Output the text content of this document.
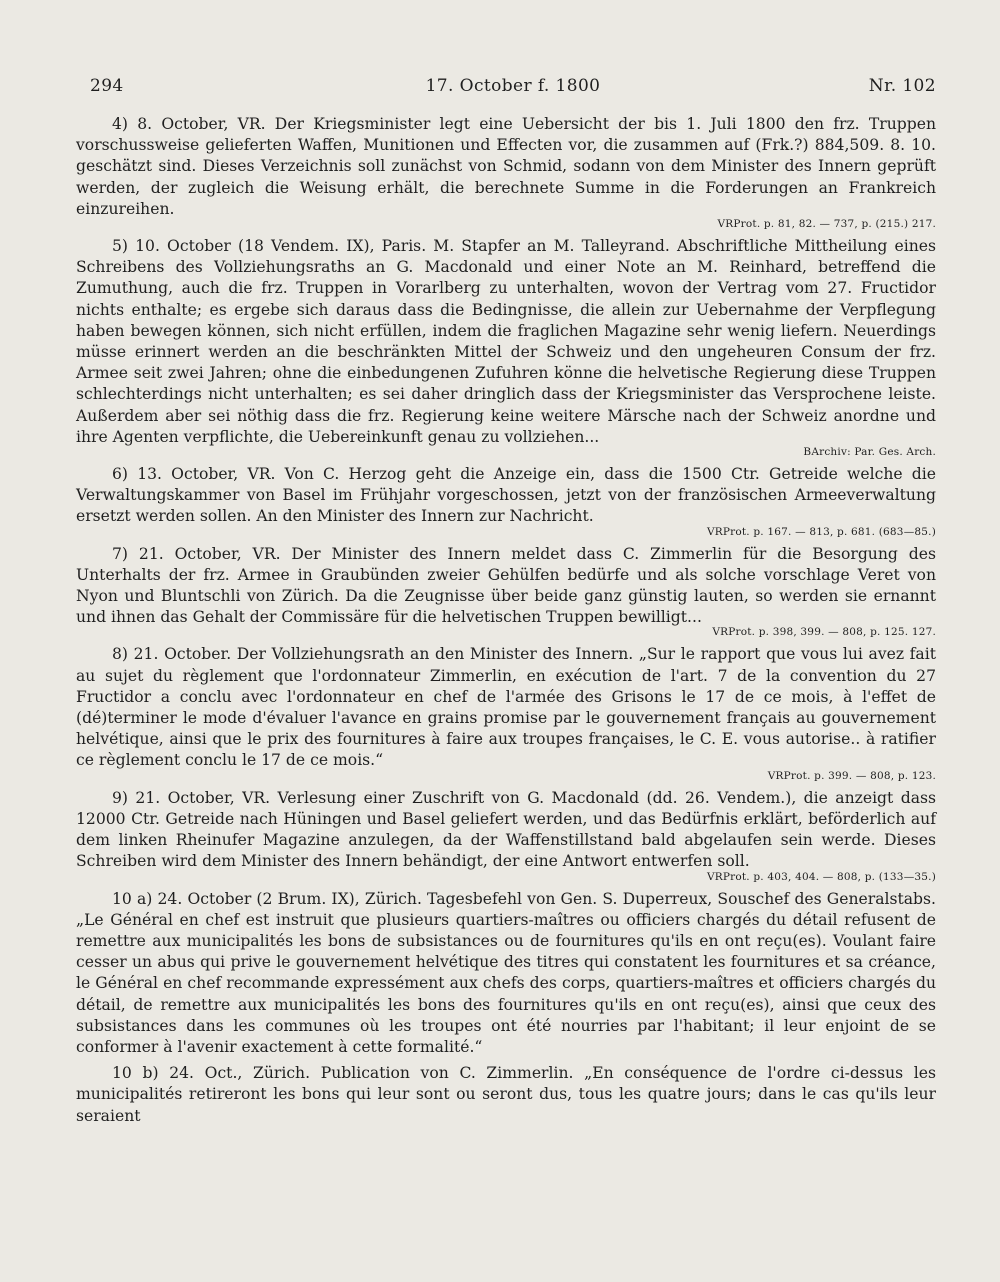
294	17. October f. 1800	Nr. 102

4) 8. October, VR. Der Kriegsminister legt eine Uebersicht der bis 1. Juli 1800 den frz. Truppen vorschussweise gelieferten Waffen, Munitionen und Effecten vor, die zusammen auf (Frk.?) 884,509. 8. 10. geschätzt sind. Dieses Verzeichnis soll zunächst von Schmid, sodann von dem Minister des Innern geprüft werden, der zugleich die Weisung erhält, die berechnete Summe in die Forderungen an Frankreich einzureihen.

VRProt. p. 81, 82. — 737, p. (215.) 217.

5) 10. October (18 Vendem. IX), Paris. M. Stapfer an M. Talleyrand. Abschriftliche Mittheilung eines Schreibens des Vollziehungsraths an G. Macdonald und einer Note an M. Reinhard, betreffend die Zumuthung, auch die frz. Truppen in Vorarlberg zu unterhalten, wovon der Vertrag vom 27. Fructidor nichts enthalte; es ergebe sich daraus dass die Bedingnisse, die allein zur Uebernahme der Verpflegung haben bewegen können, sich nicht erfüllen, indem die fraglichen Magazine sehr wenig liefern. Neuerdings müsse erinnert werden an die beschränkten Mittel der Schweiz und den ungeheuren Consum der frz. Armee seit zwei Jahren; ohne die einbedungenen Zufuhren könne die helvetische Regierung diese Truppen schlechterdings nicht unterhalten; es sei daher dringlich dass der Kriegsminister das Versprochene leiste. Außerdem aber sei nöthig dass die frz. Regierung keine weitere Märsche nach der Schweiz anordne und ihre Agenten verpflichte, die Uebereinkunft genau zu vollziehen...

BArchiv: Par. Ges. Arch.

6) 13. October, VR. Von C. Herzog geht die Anzeige ein, dass die 1500 Ctr. Getreide welche die Verwaltungskammer von Basel im Frühjahr vorgeschossen, jetzt von der französischen Armeeverwaltung ersetzt werden sollen. An den Minister des Innern zur Nachricht.

VRProt. p. 167. — 813, p. 681. (683—85.)

7) 21. October, VR. Der Minister des Innern meldet dass C. Zimmerlin für die Besorgung des Unterhalts der frz. Armee in Graubünden zweier Gehülfen bedürfe und als solche vorschlage Veret von Nyon und Bluntschli von Zürich. Da die Zeugnisse über beide ganz günstig lauten, so werden sie ernannt und ihnen das Gehalt der Commissäre für die helvetischen Truppen bewilligt...

VRProt. p. 398, 399. — 808, p. 125. 127.

8) 21. October. Der Vollziehungsrath an den Minister des Innern. „Sur le rapport que vous lui avez fait au sujet du règlement que l'ordonnateur Zimmerlin, en exécution de l'art. 7 de la convention du 27 Fructidor a conclu avec l'ordonnateur en chef de l'armée des Grisons le 17 de ce mois, à l'effet de (dé)terminer le mode d'évaluer l'avance en grains promise par le gouvernement français au gouvernement helvétique, ainsi que le prix des fournitures à faire aux troupes françaises, le C. E. vous autorise.. à ratifier ce règlement conclu le 17 de ce mois.“

VRProt. p. 399. — 808, p. 123.

9) 21. October, VR. Verlesung einer Zuschrift von G. Macdonald (dd. 26. Vendem.), die anzeigt dass 12000 Ctr. Getreide nach Hüningen und Basel geliefert werden, und das Bedürfnis erklärt, beförderlich auf dem linken Rheinufer Magazine anzulegen, da der Waffenstillstand bald abgelaufen sein werde. Dieses Schreiben wird dem Minister des Innern behändigt, der eine Antwort entwerfen soll.

VRProt. p. 403, 404. — 808, p. (133—35.)

10 a) 24. October (2 Brum. IX), Zürich. Tagesbefehl von Gen. S. Duperreux, Souschef des Generalstabs. „Le Général en chef est instruit que plusieurs quartiers-maîtres ou officiers chargés du détail refusent de remettre aux municipalités les bons de subsistances ou de fournitures qu'ils en ont reçu(es). Voulant faire cesser un abus qui prive le gouvernement helvétique des titres qui constatent les fournitures et sa créance, le Général en chef recommande expressément aux chefs des corps, quartiers-maîtres et officiers chargés du détail, de remettre aux municipalités les bons des fournitures qu'ils en ont reçu(es), ainsi que ceux des subsistances dans les communes où les troupes ont été nourries par l'habitant; il leur enjoint de se conformer à l'avenir exactement à cette formalité.“

10 b) 24. Oct., Zürich. Publication von C. Zimmerlin. „En conséquence de l'ordre ci-dessus les municipalités retireront les bons qui leur sont ou seront dus, tous les quatre jours; dans le cas qu'ils leur seraient
